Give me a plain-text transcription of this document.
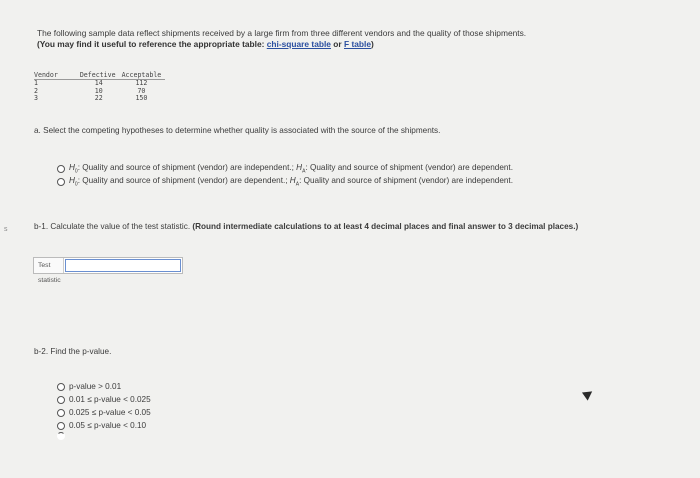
s
The following sample data reflect shipments received by a large firm from three different vendors and the quality of those shipments.
(You may find it useful to reference the appropriate table: chi-square table or F table)
Vendor	Defective	Acceptable
1	14	112
2	10	70
3	22	150
a. Select the competing hypotheses to determine whether quality is associated with the source of the shipments.
$H_0$: Quality and source of shipment (vendor) are independent.; $H_A$: Quality and source of shipment (vendor) are dependent.
$H_0$: Quality and source of shipment (vendor) are dependent.; $H_A$: Quality and source of shipment (vendor) are independent.
b-1. Calculate the value of the test statistic. (Round intermediate calculations to at least 4 decimal places and final answer to 3 decimal places.)
Test statistic
b-2. Find the p-value.
p-value > 0.01
0.01 ≤ p-value < 0.025
0.025 ≤ p-value < 0.05
0.05 ≤ p-value < 0.10
